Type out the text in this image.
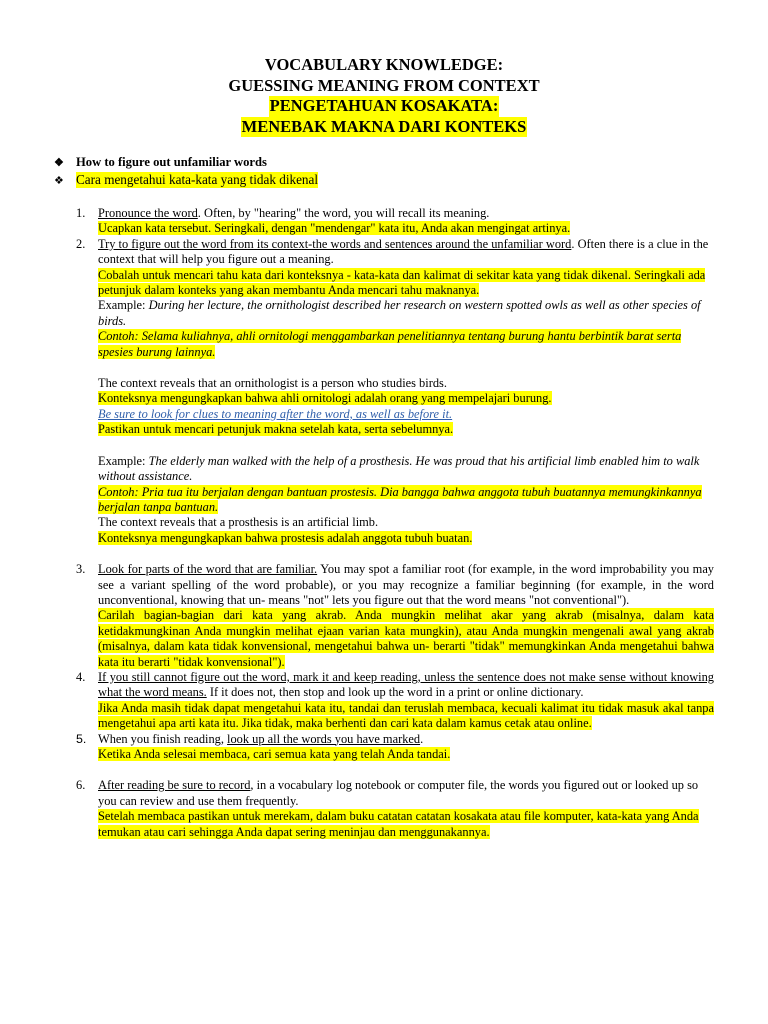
VOCABULARY KNOWLEDGE:
GUESSING MEANING FROM CONTEXT
PENGETAHUAN KOSAKATA:
MENEBAK MAKNA DARI KONTEKS
❖ How to figure out unfamiliar words
❖ Cara mengetahui kata-kata yang tidak dikenal
1. Pronounce the word. Often, by "hearing" the word, you will recall its meaning.
Ucapkan kata tersebut. Seringkali, dengan "mendengar" kata itu, Anda akan mengingat artinya.
2. Try to figure out the word from its context-the words and sentences around the unfamiliar word. Often there is a clue in the context that will help you figure out a meaning.
Cobalah untuk mencari tahu kata dari konteksnya - kata-kata dan kalimat di sekitar kata yang tidak dikenal. Seringkali ada petunjuk dalam konteks yang akan membantu Anda mencari tahu maknanya.
Example: During her lecture, the ornithologist described her research on western spotted owls as well as other species of birds.
Contoh: Selama kuliahnya, ahli ornitologi menggambarkan penelitiannya tentang burung hantu berbintik barat serta spesies burung lainnya.
The context reveals that an ornithologist is a person who studies birds.
Konteksnya mengungkapkan bahwa ahli ornitologi adalah orang yang mempelajari burung.
Be sure to look for clues to meaning after the word, as well as before it.
Pastikan untuk mencari petunjuk makna setelah kata, serta sebelumnya.
Example: The elderly man walked with the help of a prosthesis. He was proud that his artificial limb enabled him to walk without assistance.
Contoh: Pria tua itu berjalan dengan bantuan prostesis. Dia bangga bahwa anggota tubuh buatannya memungkinkannya berjalan tanpa bantuan.
The context reveals that a prosthesis is an artificial limb.
Konteksnya mengungkapkan bahwa prostesis adalah anggota tubuh buatan.
3. Look for parts of the word that are familiar. You may spot a familiar root (for example, in the word improbability you may see a variant spelling of the word probable), or you may recognize a familiar beginning (for example, in the word unconventional, knowing that un- means "not" lets you figure out that the word means "not conventional").
Carilah bagian-bagian dari kata yang akrab. Anda mungkin melihat akar yang akrab (misalnya, dalam kata ketidakmungkinan Anda mungkin melihat ejaan varian kata mungkin), atau Anda mungkin mengenali awal yang akrab (misalnya, dalam kata tidak konvensional, mengetahui bahwa un- berarti "tidak" memungkinkan Anda mengetahui bahwa kata itu berarti "tidak konvensional").
4. If you still cannot figure out the word, mark it and keep reading, unless the sentence does not make sense without knowing what the word means. If it does not, then stop and look up the word in a print or online dictionary.
Jika Anda masih tidak dapat mengetahui kata itu, tandai dan teruslah membaca, kecuali kalimat itu tidak masuk akal tanpa mengetahui apa arti kata itu. Jika tidak, maka berhenti dan cari kata dalam kamus cetak atau online.
5. When you finish reading, look up all the words you have marked.
Ketika Anda selesai membaca, cari semua kata yang telah Anda tandai.
6. After reading be sure to record, in a vocabulary log notebook or computer file, the words you figured out or looked up so you can review and use them frequently.
Setelah membaca pastikan untuk merekam, dalam buku catatan catatan kosakata atau file komputer, kata-kata yang Anda temukan atau cari sehingga Anda dapat sering meninjau dan menggunakannya.
